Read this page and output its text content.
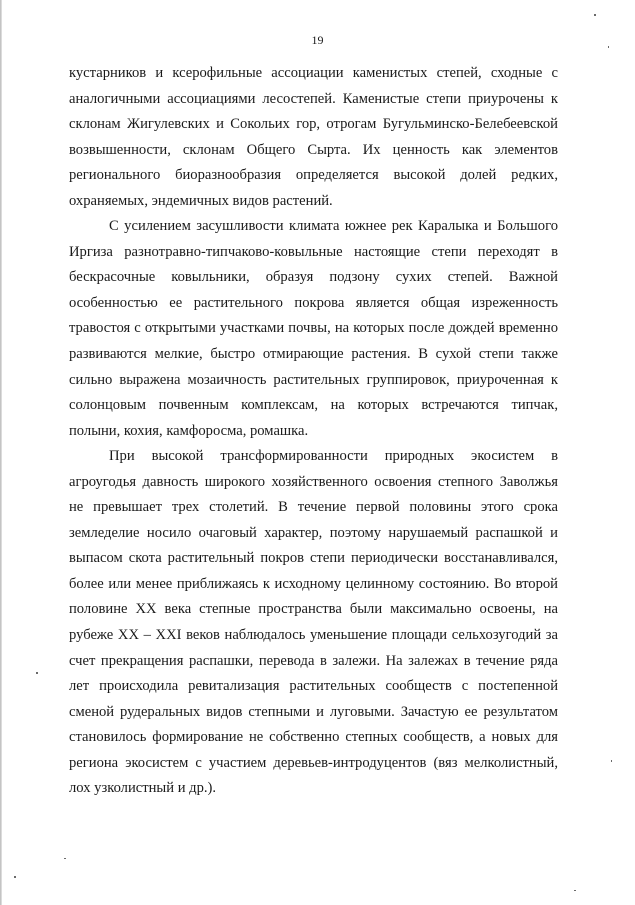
19

кустарников и ксерофильные ассоциации каменистых степей, сходные с аналогичными ассоциациями лесостепей. Каменистые степи приурочены к склонам Жигулевских и Сокольих гор, отрогам Бугульминско-Белебеевской возвышенности, склонам Общего Сырта. Их ценность как элементов регионального биоразнообразия определяется высокой долей редких, охраняемых, эндемичных видов растений.

С усилением засушливости климата южнее рек Каралыка и Большого Иргиза разнотравно-типчаково-ковыльные настоящие степи переходят в бескрасочные ковыльники, образуя подзону сухих степей. Важной особенностью ее растительного покрова является общая изреженность травостоя с открытыми участками почвы, на которых после дождей временно развиваются мелкие, быстро отмирающие растения. В сухой степи также сильно выражена мозаичность растительных группировок, приуроченная к солонцовым почвенным комплексам, на которых встречаются типчак, полыни, кохия, камфоросма, ромашка.

При высокой трансформированности природных экосистем в агроугодья давность широкого хозяйственного освоения степного Заволжья не превышает трех столетий. В течение первой половины этого срока земледелие носило очаговый характер, поэтому нарушаемый распашкой и выпасом скота растительный покров степи периодически восстанавливался, более или менее приближаясь к исходному целинному состоянию. Во второй половине XX века степные пространства были максимально освоены, на рубеже XX – XXI веков наблюдалось уменьшение площади сельхозугодий за счет прекращения распашки, перевода в залежи. На залежах в течение ряда лет происходила ревитализация растительных сообществ с постепенной сменой рудеральных видов степными и луговыми. Зачастую ее результатом становилось формирование не собственно степных сообществ, а новых для региона экосистем с участием деревьев-интродуцентов (вяз мелколистный, лох узколистный и др.).
